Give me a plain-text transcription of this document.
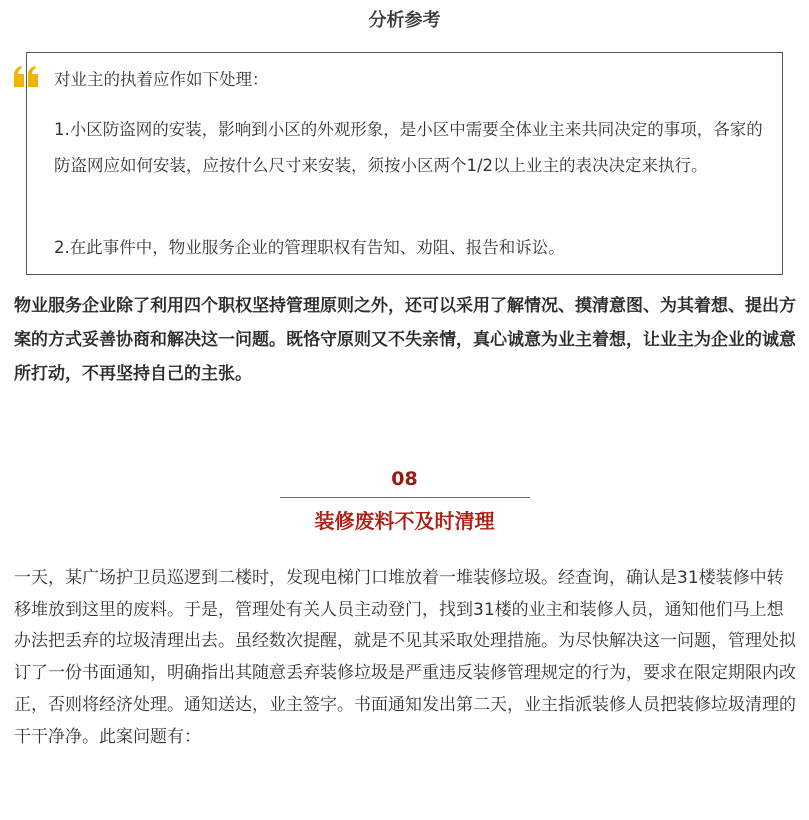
分析参考
对业主的执着应作如下处理：
1.小区防盗网的安装，影响到小区的外观形象，是小区中需要全体业主来共同决定的事项，各家的防盗网应如何安装，应按什么尺寸来安装，须按小区两个1/2以上业主的表决决定来执行。
2.在此事件中，物业服务企业的管理职权有告知、劝阻、报告和诉讼。
物业服务企业除了利用四个职权坚持管理原则之外，还可以采用了解情况、摸清意图、为其着想、提出方案的方式妥善协商和解决这一问题。既恪守原则又不失亲情，真心诚意为业主着想，让业主为企业的诚意所打动，不再坚持自己的主张。
08
装修废料不及时清理
一天，某广场护卫员巡逻到二楼时，发现电梯门口堆放着一堆装修垃圾。经查询，确认是31楼装修中转移堆放到这里的废料。于是，管理处有关人员主动登门，找到31楼的业主和装修人员，通知他们马上想办法把丢弃的垃圾清理出去。虽经数次提醒，就是不见其采取处理措施。为尽快解决这一问题，管理处拟订了一份书面通知，明确指出其随意丢弃装修垃圾是严重违反装修管理规定的行为，要求在限定期限内改正，否则将经济处理。通知送达，业主签字。书面通知发出第二天，业主指派装修人员把装修垃圾清理的干干净净。此案问题有：
